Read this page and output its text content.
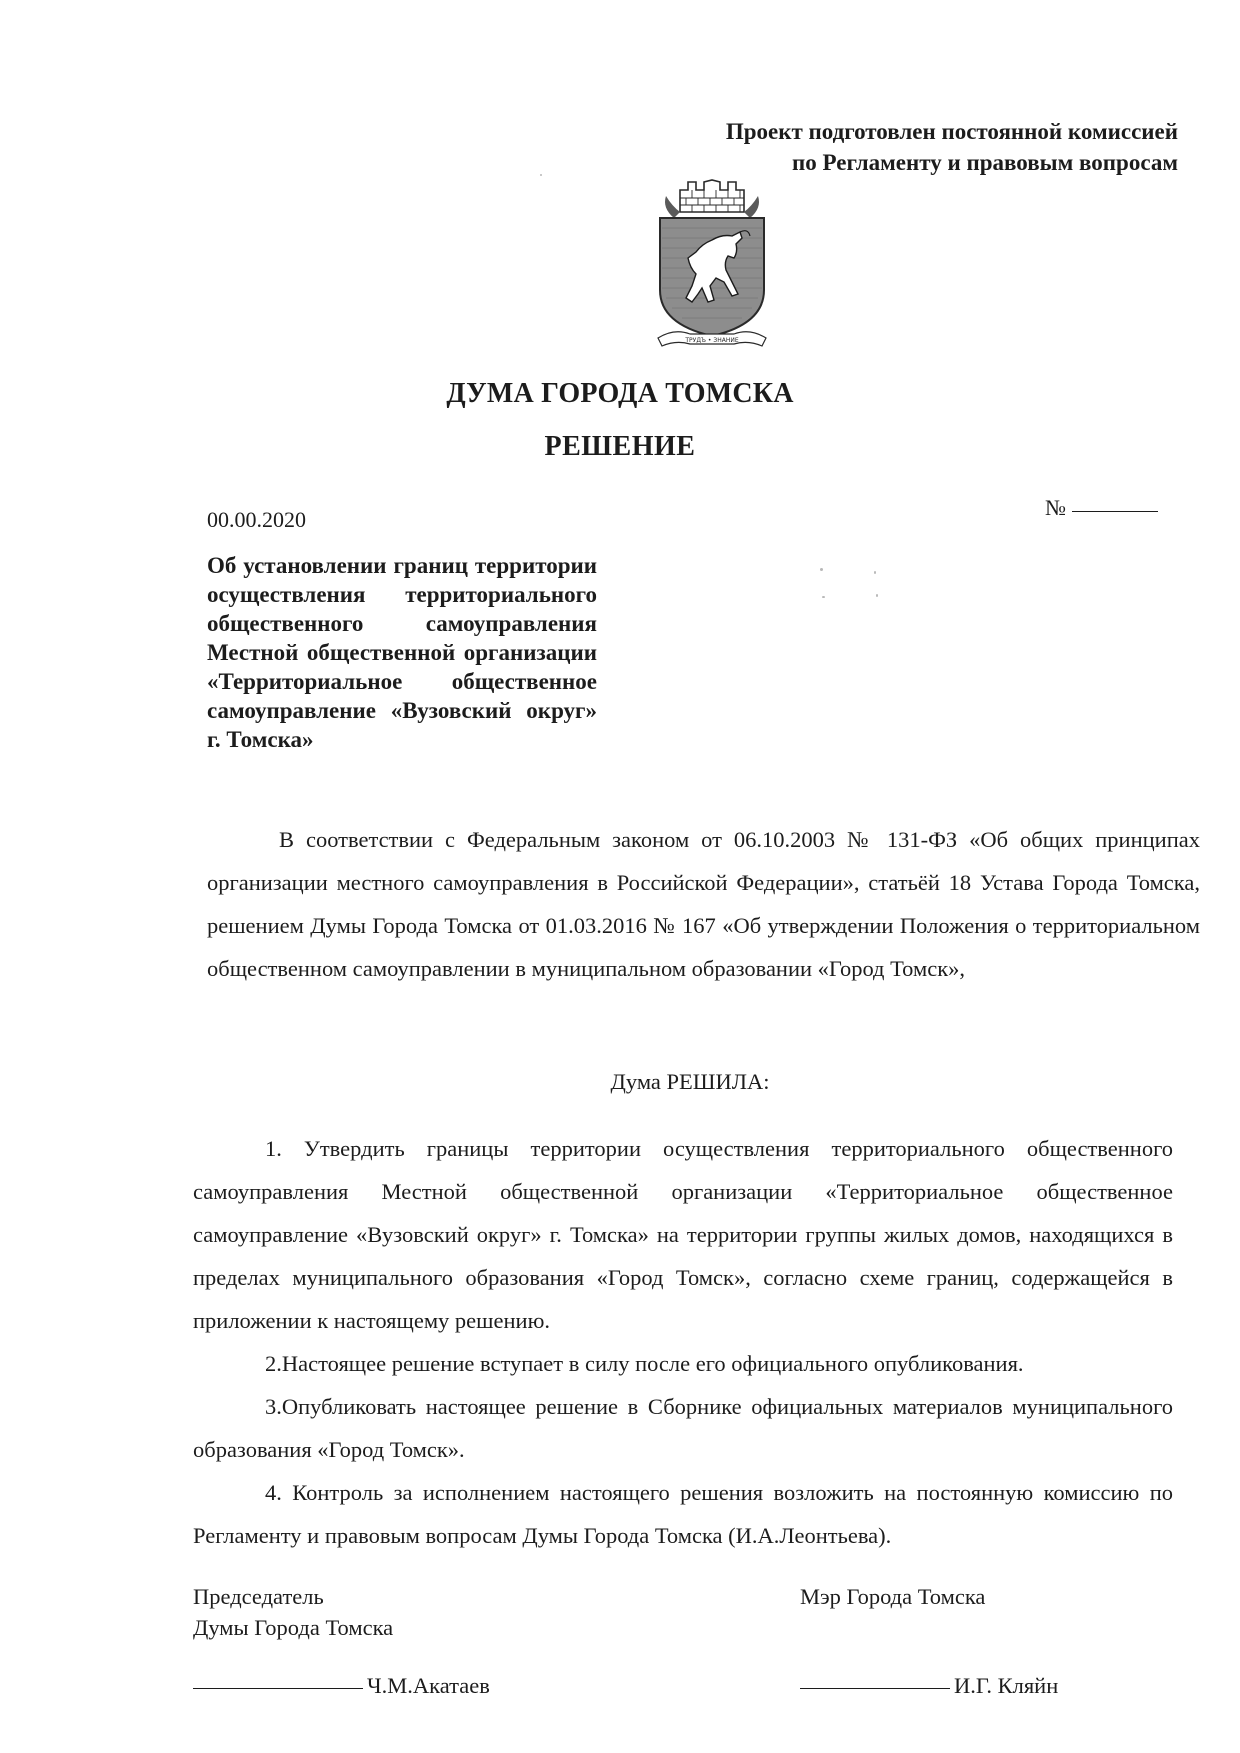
Проект подготовлен постоянной комиссией
по Регламенту и правовым вопросам
ТРУДЪ • ЗНАНИЕ
ДУМА ГОРОДА ТОМСКА
РЕШЕНИЕ
00.00.2020	№
Об установлении границ территории осуществления территориального общественного самоуправления Местной общественной организации «Территориальное общественное самоуправление «Вузовский округ» г. Томска»

В соответствии с Федеральным законом от 06.10.2003 № 131-ФЗ «Об общих принципах организации местного самоуправления в Российской Федерации», статьёй 18 Устава Города Томска, решением Думы Города Томска от 01.03.2016 № 167 «Об утверждении Положения о территориальном общественном самоуправлении в муниципальном образовании «Город Томск»,

Дума РЕШИЛА:

1. Утвердить границы территории осуществления территориального общественного самоуправления Местной общественной организации «Территориальное общественное самоуправление «Вузовский округ» г. Томска» на территории группы жилых домов, находящихся в пределах муниципального образования «Город Томск», согласно схеме границ, содержащейся в приложении к настоящему решению.

2.Настоящее решение вступает в силу после его официального опубликования.

3.Опубликовать настоящее решение в Сборнике официальных материалов муниципального образования «Город Томск».

4. Контроль за исполнением настоящего решения возложить на постоянную комиссию по Регламенту и правовым вопросам Думы Города Томска (И.А.Леонтьева).

Председатель
Думы Города Томска
Ч.М.Акатаев
Мэр Города Томска
И.Г. Кляйн
